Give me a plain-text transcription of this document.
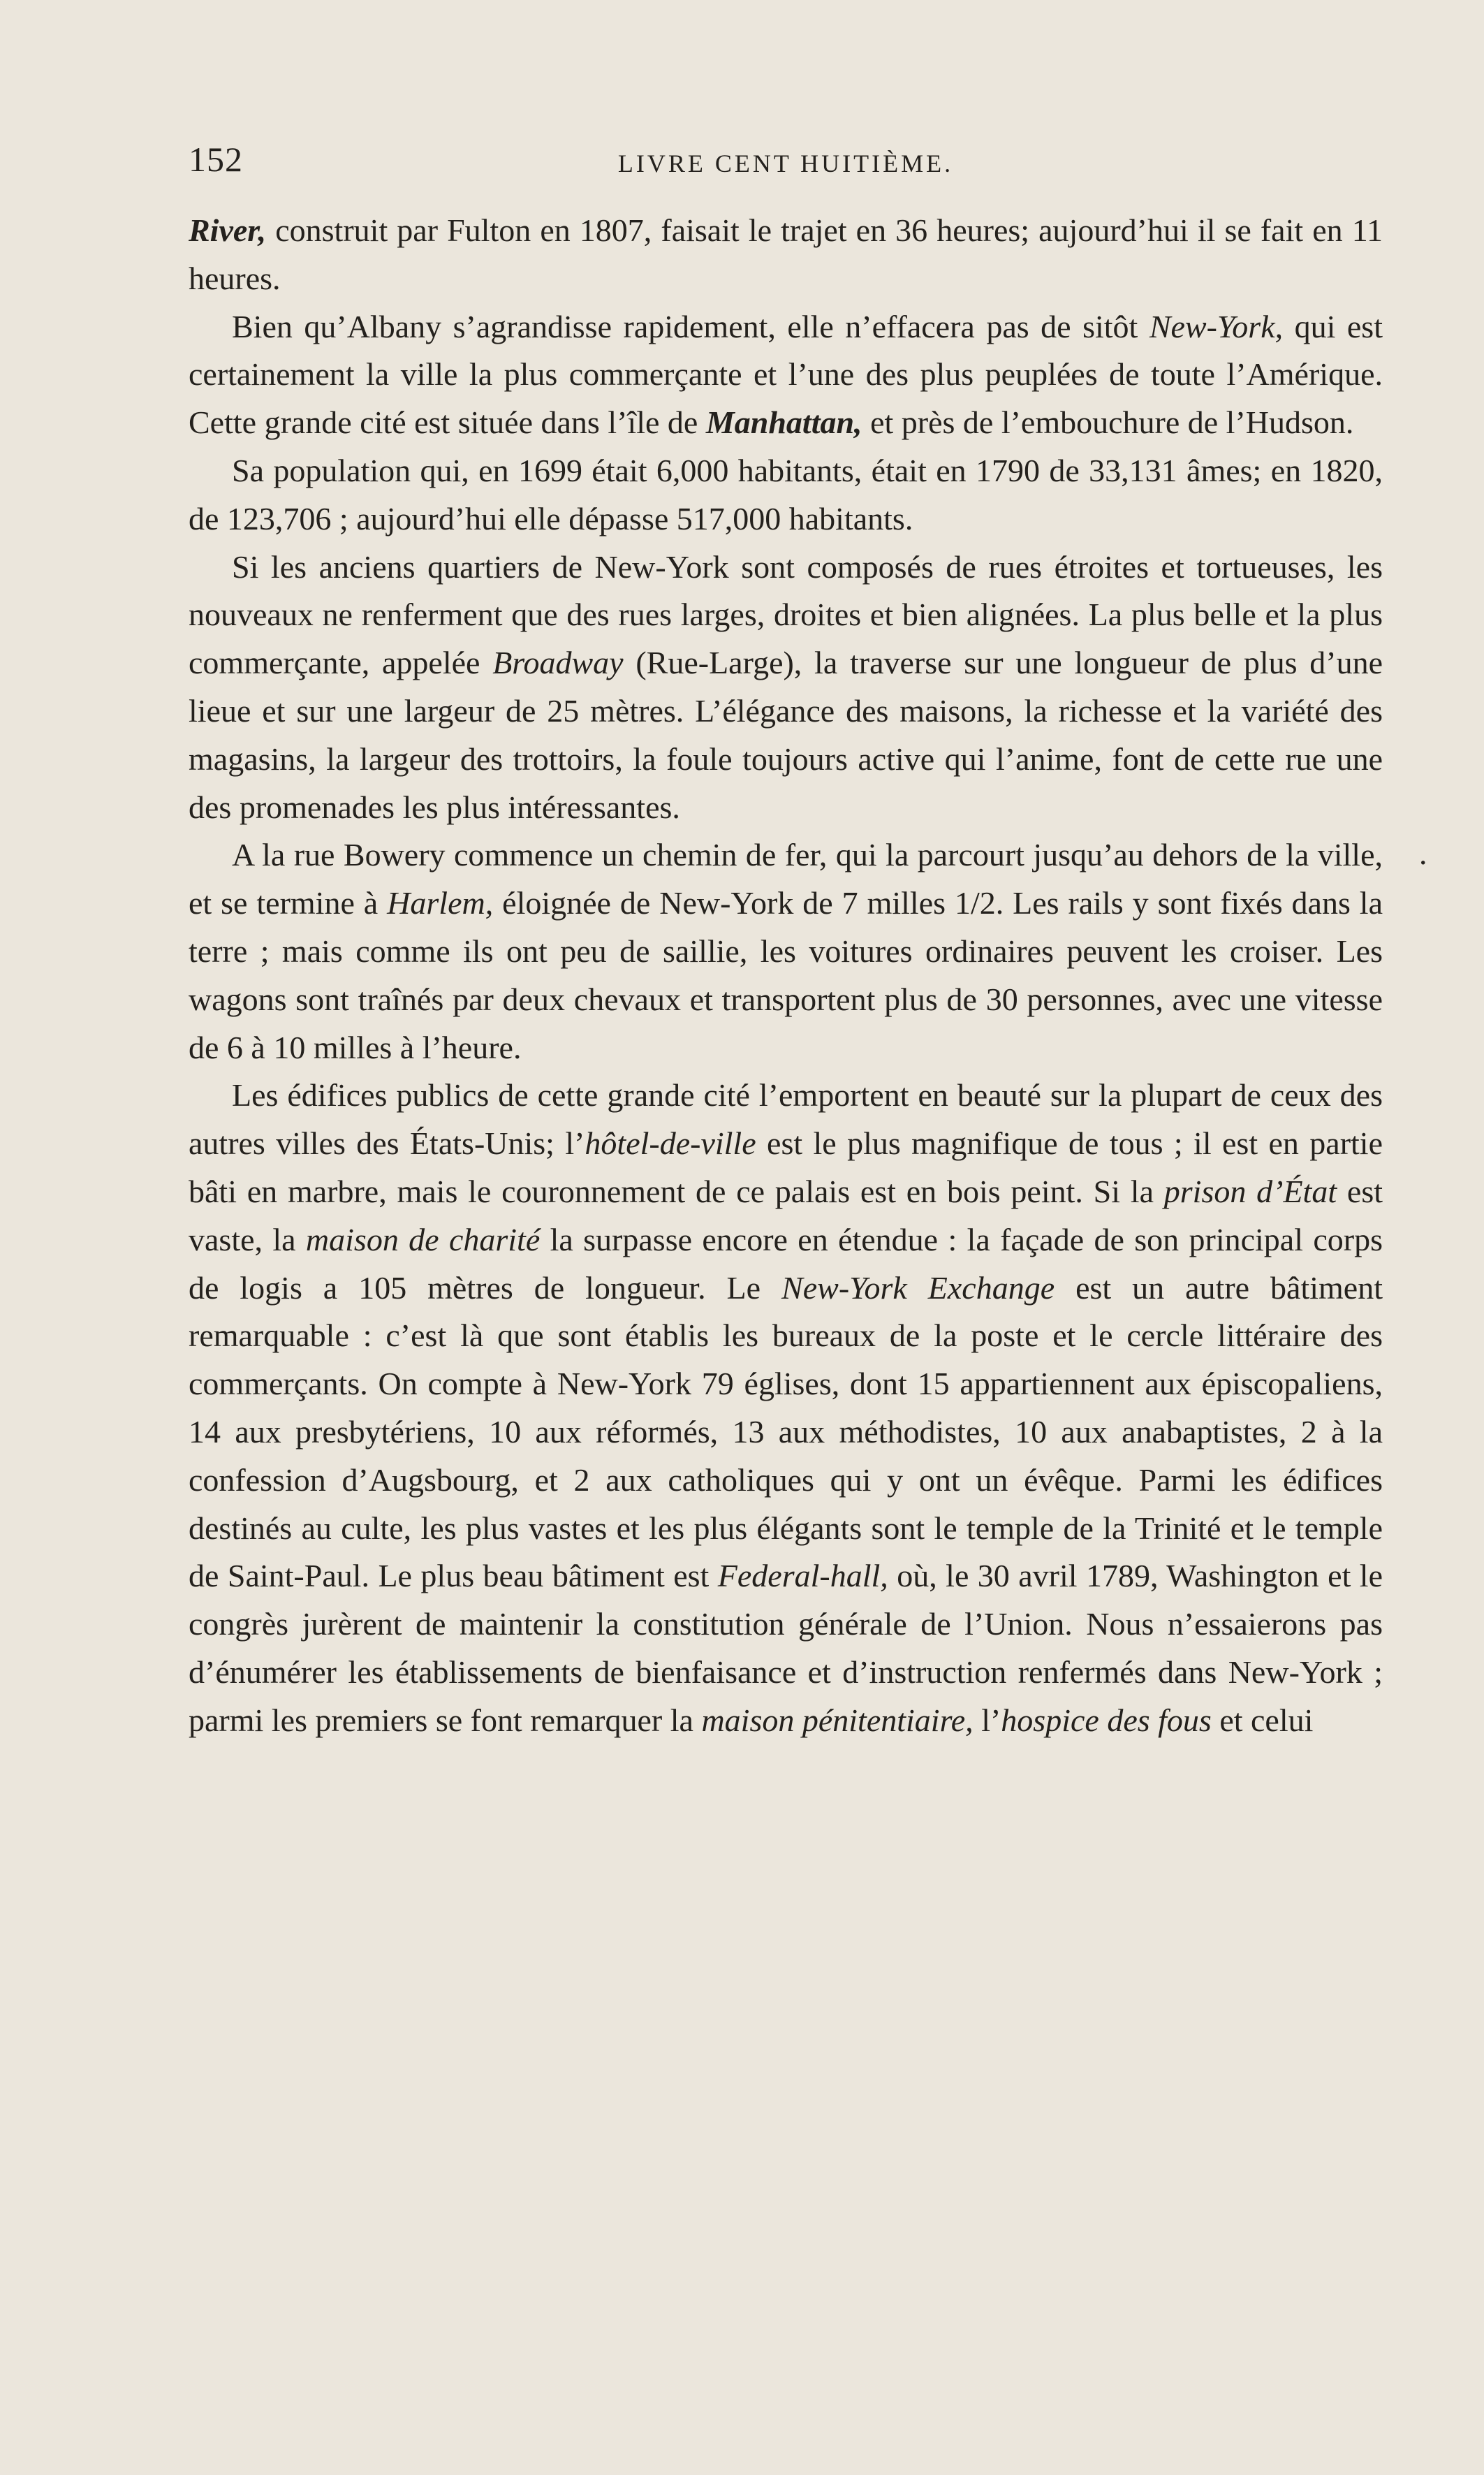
152	LIVRE CENT HUITIÈME.

River, construit par Fulton en 1807, faisait le trajet en 36 heures; aujourd’hui il se fait en 11 heures.

Bien qu’Albany s’agrandisse rapidement, elle n’effacera pas de sitôt New-York, qui est certainement la ville la plus commerçante et l’une des plus peuplées de toute l’Amérique. Cette grande cité est située dans l’île de Manhattan, et près de l’embouchure de l’Hudson.

Sa population qui, en 1699 était 6,000 habitants, était en 1790 de 33,131 âmes; en 1820, de 123,706 ; aujourd’hui elle dépasse 517,000 habitants.

Si les anciens quartiers de New-York sont composés de rues étroites et tortueuses, les nouveaux ne renferment que des rues larges, droites et bien alignées. La plus belle et la plus commerçante, appelée Broadway (Rue-Large), la traverse sur une longueur de plus d’une lieue et sur une largeur de 25 mètres. L’élégance des maisons, la richesse et la variété des magasins, la largeur des trottoirs, la foule toujours active qui l’anime, font de cette rue une des promenades les plus intéressantes.

A la rue Bowery commence un chemin de fer, qui la parcourt jusqu’au dehors de la ville, et se termine à Harlem, éloignée de New-York de 7 milles 1/2. Les rails y sont fixés dans la terre ; mais comme ils ont peu de saillie, les voitures ordinaires peuvent les croiser. Les wagons sont traînés par deux chevaux et transportent plus de 30 personnes, avec une vitesse de 6 à 10 milles à l’heure.

Les édifices publics de cette grande cité l’emportent en beauté sur la plupart de ceux des autres villes des États-Unis; l’hôtel-de-ville est le plus magnifique de tous ; il est en partie bâti en marbre, mais le couronnement de ce palais est en bois peint. Si la prison d’État est vaste, la maison de charité la surpasse encore en étendue : la façade de son principal corps de logis a 105 mètres de longueur. Le New-York Exchange est un autre bâtiment remarquable : c’est là que sont établis les bureaux de la poste et le cercle littéraire des commerçants. On compte à New-York 79 églises, dont 15 appartiennent aux épiscopaliens, 14 aux presbytériens, 10 aux réformés, 13 aux méthodistes, 10 aux anabaptistes, 2 à la confession d’Augsbourg, et 2 aux catholiques qui y ont un évêque. Parmi les édifices destinés au culte, les plus vastes et les plus élégants sont le temple de la Trinité et le temple de Saint-Paul. Le plus beau bâtiment est Federal-hall, où, le 30 avril 1789, Washington et le congrès jurèrent de maintenir la constitution générale de l’Union. Nous n’essaierons pas d’énumérer les établissements de bienfaisance et d’instruction renfermés dans New-York ; parmi les premiers se font remarquer la maison pénitentiaire, l’hospice des fous et celui

.
